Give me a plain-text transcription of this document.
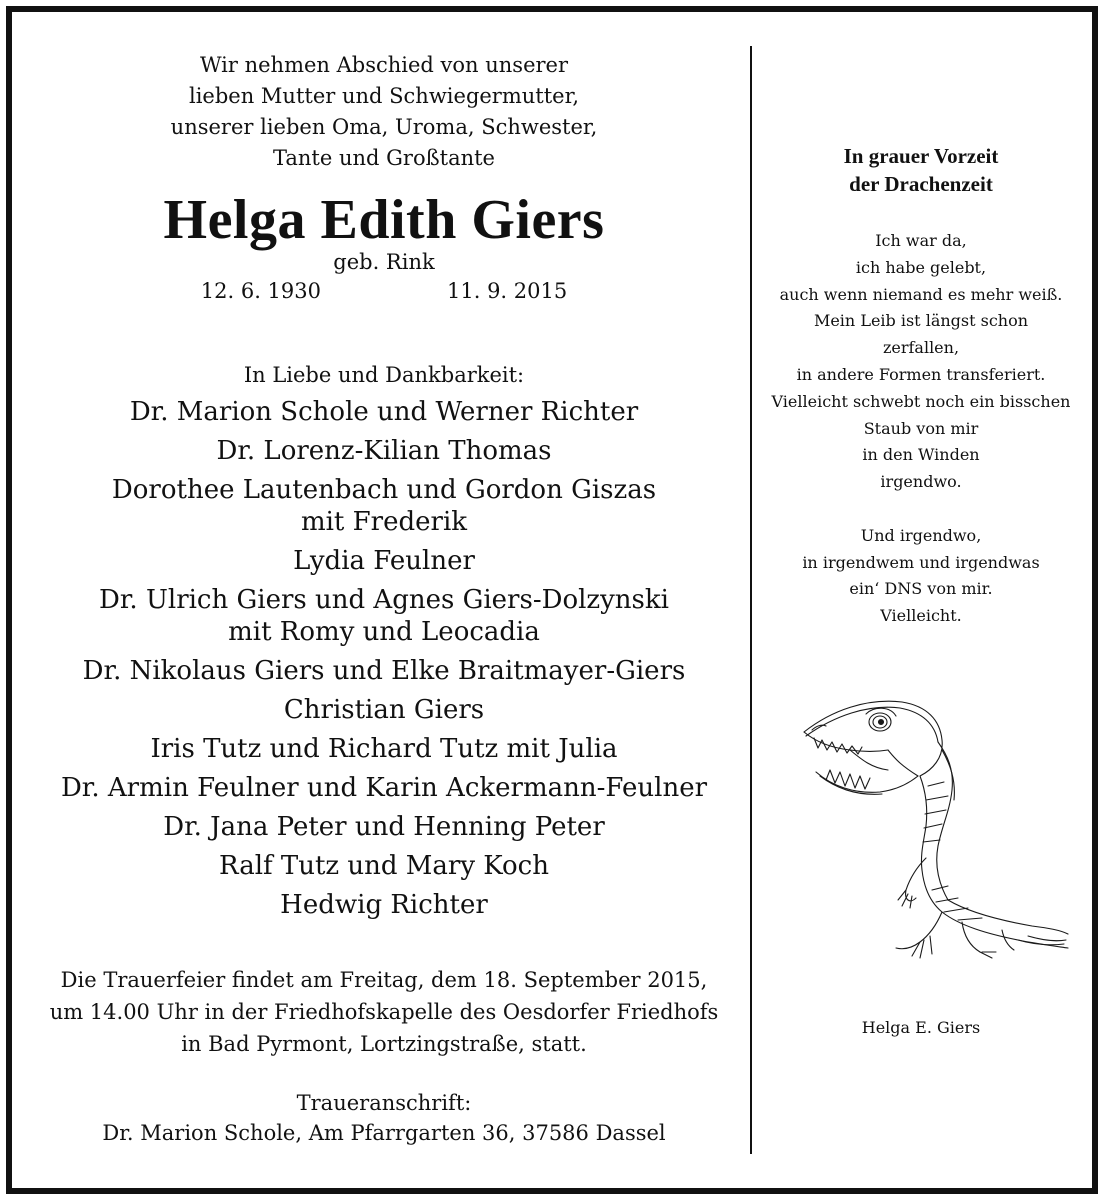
Wir nehmen Abschied von unserer
lieben Mutter und Schwiegermutter,
unserer lieben Oma, Uroma, Schwester,
Tante und Großtante
Helga Edith Giers
geb. Rink
12. 6. 1930	11. 9. 2015
In Liebe und Dankbarkeit:
Dr. Marion Schole und Werner Richter
Dr. Lorenz-Kilian Thomas
Dorothee Lautenbach und Gordon Giszas
mit Frederik
Lydia Feulner
Dr. Ulrich Giers und Agnes Giers-Dolzynski
mit Romy und Leocadia
Dr. Nikolaus Giers und Elke Braitmayer-Giers
Christian Giers
Iris Tutz und Richard Tutz mit Julia
Dr. Armin Feulner und Karin Ackermann-Feulner
Dr. Jana Peter und Henning Peter
Ralf Tutz und Mary Koch
Hedwig Richter
Die Trauerfeier findet am Freitag, dem 18. September 2015,
um 14.00 Uhr in der Friedhofskapelle des Oesdorfer Friedhofs
in Bad Pyrmont, Lortzingstraße, statt.
Traueranschrift:
Dr. Marion Schole, Am Pfarrgarten 36, 37586 Dassel
In grauer Vorzeit
der Drachenzeit
Ich war da,
ich habe gelebt,
auch wenn niemand es mehr weiß.
Mein Leib ist längst schon
zerfallen,
in andere Formen transferiert.
Vielleicht schwebt noch ein bisschen
Staub von mir
in den Winden
irgendwo.
Und irgendwo,
in irgendwem und irgendwas
ein‘ DNS von mir.
Vielleicht.
Helga E. Giers
